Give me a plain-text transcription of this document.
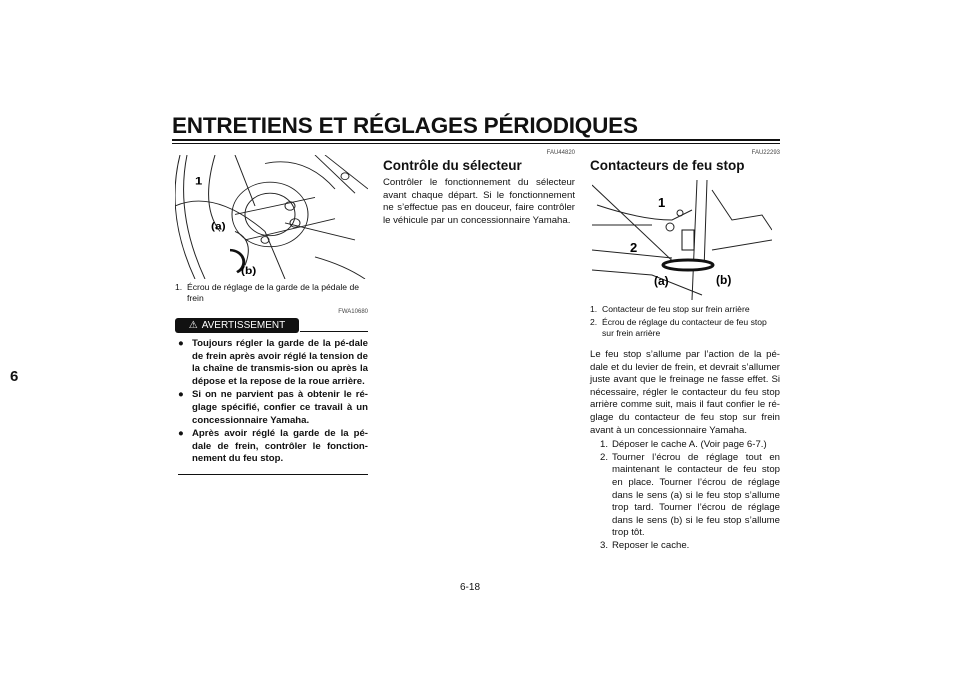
ENTRETIENS ET RÉGLAGES PÉRIODIQUES
6
1
(a)
(b)
1. Écrou de réglage de la garde de la pédale de frein
FWA10680
⚠ AVERTISSEMENT
● Toujours régler la garde de la pé-dale de frein après avoir réglé la tension de la chaîne de transmis-sion ou après la dépose et la repose de la roue arrière.
● Si on ne parvient pas à obtenir le ré-glage spécifié, confier ce travail à un concessionnaire Yamaha.
● Après avoir réglé la garde de la pé-dale de frein, contrôler le fonction-nement du feu stop.
FAU44820
Contrôle du sélecteur
Contrôler le fonctionnement du sélecteur avant chaque départ. Si le fonctionnement ne s’effectue pas en douceur, faire contrôler le véhicule par un concessionnaire Yamaha.
FAU22293
Contacteurs de feu stop
1
2
(a)	(b)
1. Contacteur de feu stop sur frein arrière
2. Écrou de réglage du contacteur de feu stop sur frein arrière
Le feu stop s’allume par l’action de la pé-dale et du levier de frein, et devrait s’allumer juste avant que le freinage ne fasse effet. Si nécessaire, régler le contacteur du feu stop arrière comme suit, mais il faut confier le ré-glage du contacteur de feu stop sur frein avant à un concessionnaire Yamaha.
1. Déposer le cache A. (Voir page 6-7.)
2. Tourner l’écrou de réglage tout en maintenant le contacteur de feu stop en place. Tourner l’écrou de réglage dans le sens (a) si le feu stop s’allume trop tard. Tourner l’écrou de réglage dans le sens (b) si le feu stop s’allume trop tôt.
3. Reposer le cache.
6-18
